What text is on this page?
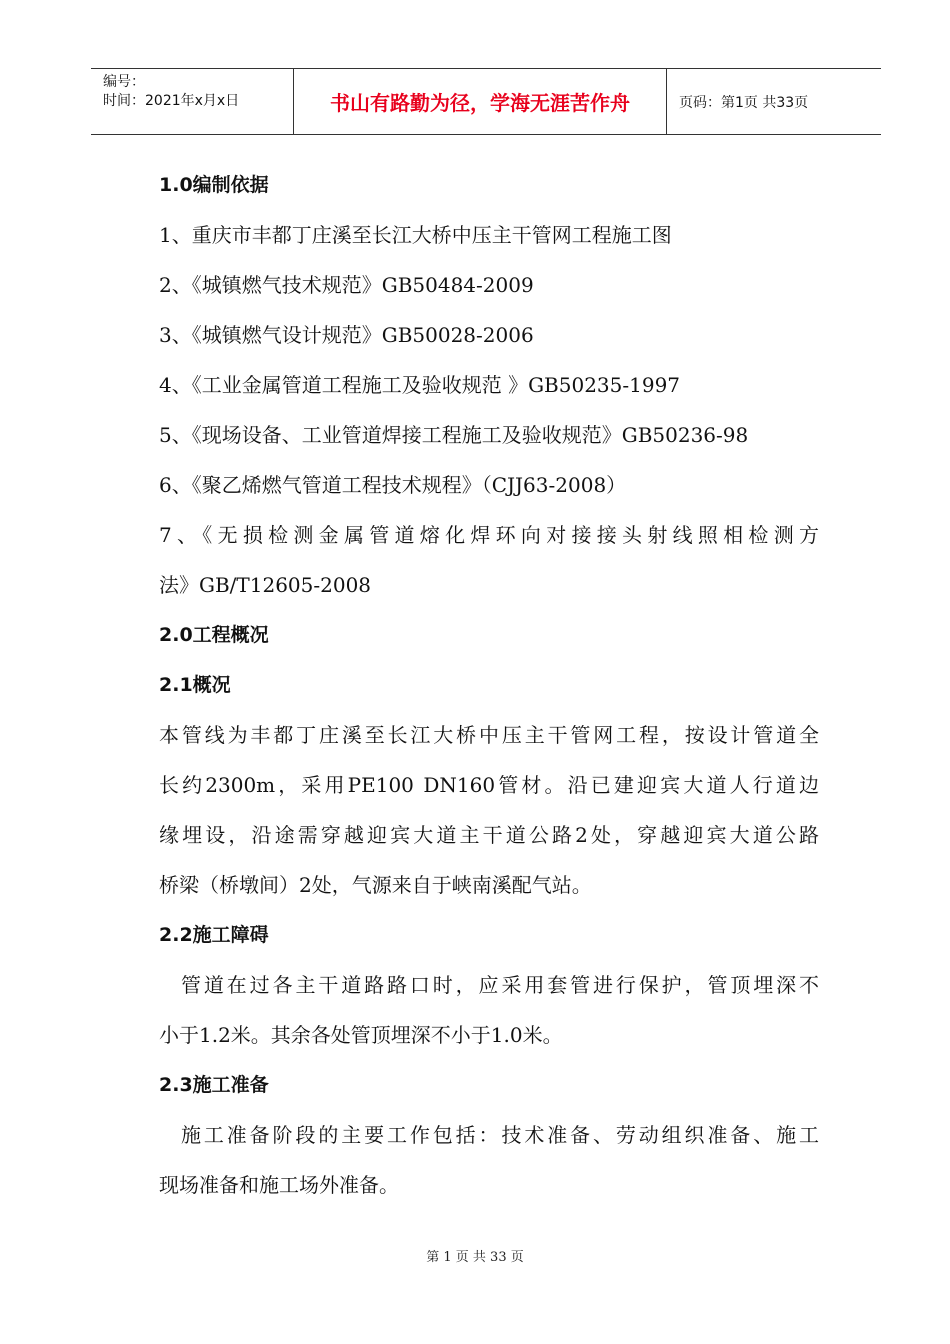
编号：
时间：2021年x月x日	书山有路勤为径，学海无涯苦作舟	页码：第1页 共33页
1.0编制依据
1、重庆市丰都丁庄溪至长江大桥中压主干管网工程施工图
2、《城镇燃气技术规范》GB50484-2009
3、《城镇燃气设计规范》GB50028-2006
4、《工业金属管道工程施工及验收规范 》GB50235-1997
5、《现场设备、工业管道焊接工程施工及验收规范》GB50236-98
6、《聚乙烯燃气管道工程技术规程》（CJJ63-2008）
7、《无损检测金属管道熔化焊环向对接接头射线照相检测方
法》GB/T12605-2008
2.0工程概况
2.1概况
本管线为丰都丁庄溪至长江大桥中压主干管网工程，按设计管道全
长约2300m，采用PE100 DN160管材。沿已建迎宾大道人行道边
缘埋设，沿途需穿越迎宾大道主干道公路2处，穿越迎宾大道公路
桥梁（桥墩间）2处，气源来自于峡南溪配气站。
2.2施工障碍
管道在过各主干道路路口时，应采用套管进行保护，管顶埋深不
小于1.2米。其余各处管顶埋深不小于1.0米。
2.3施工准备
施工准备阶段的主要工作包括：技术准备、劳动组织准备、施工
现场准备和施工场外准备。
第 1 页 共 33 页
